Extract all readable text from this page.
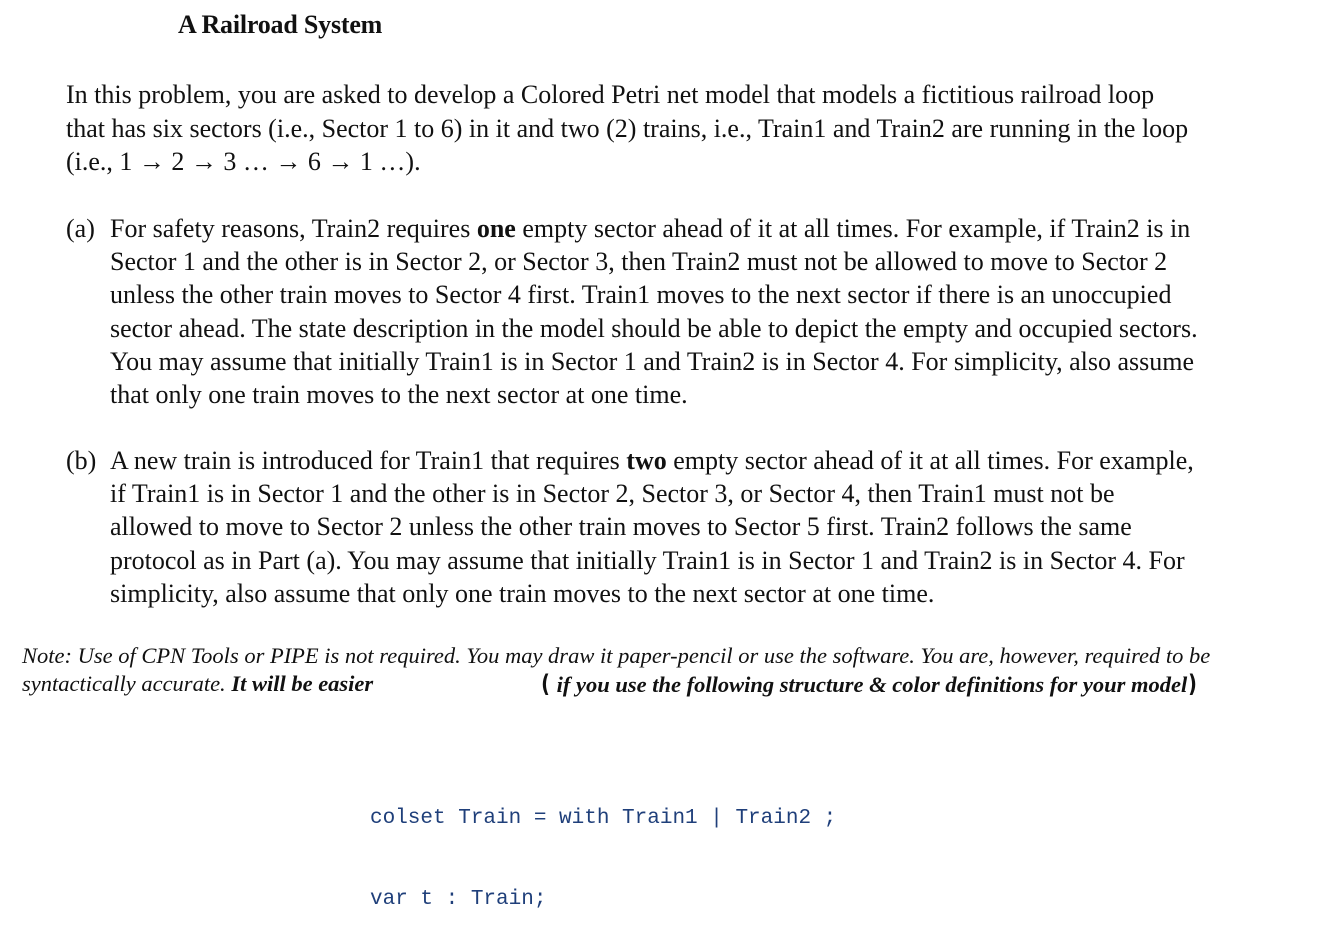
A Railroad System
In this problem, you are asked to develop a Colored Petri net model that models a fictitious railroad loop
that has six sectors (i.e., Sector 1 to 6) in it and two (2) trains, i.e., Train1 and Train2 are running in the loop
(i.e., 1 → 2 → 3 … → 6 → 1 …).
(a) For safety reasons, Train2 requires one empty sector ahead of it at all times. For example, if Train2 is in
Sector 1 and the other is in Sector 2, or Sector 3, then Train2 must not be allowed to move to Sector 2
unless the other train moves to Sector 4 first. Train1 moves to the next sector if there is an unoccupied
sector ahead. The state description in the model should be able to depict the empty and occupied sectors.
You may assume that initially Train1 is in Sector 1 and Train2 is in Sector 4. For simplicity, also assume
that only one train moves to the next sector at one time.
(b) A new train is introduced for Train1 that requires two empty sector ahead of it at all times. For example,
if Train1 is in Sector 1 and the other is in Sector 2, Sector 3, or Sector 4, then Train1 must not be
allowed to move to Sector 2 unless the other train moves to Sector 5 first. Train2 follows the same
protocol as in Part (a). You may assume that initially Train1 is in Sector 1 and Train2 is in Sector 4. For
simplicity, also assume that only one train moves to the next sector at one time.
Note: Use of CPN Tools or PIPE is not required. You may draw it paper-pencil or use the software. You are, however, required to be
syntactically accurate. It will be easier	( if you use the following structure & color definitions for your model)

colset Train = with Train1 | Train2 ;

var t : Train;
